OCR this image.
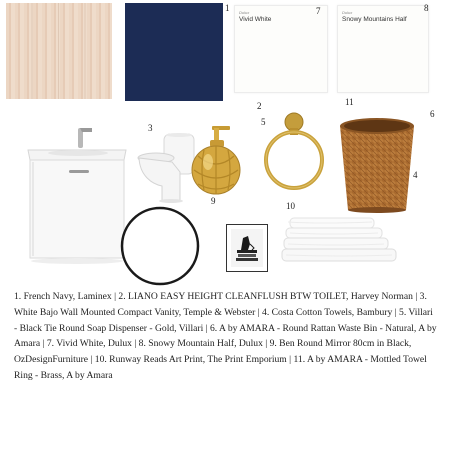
1 Dulux
Vivid White
7	Dulux
Snowy Mountains Half
8
3
9
2
5
11
6
4
10
1. French Navy, Laminex | 2. LIANO EASY HEIGHT CLEANFLUSH BTW TOILET, Harvey Norman | 3. White Bajo Wall Mounted Compact Vanity, Temple & Webster | 4. Costa Cotton Towels, Bambury | 5. Villari - Black Tie Round Soap Dispenser - Gold, Villari | 6. A by AMARA - Round Rattan Waste Bin - Natural, A by Amara | 7. Vivid White, Dulux | 8. Snowy Mountain Half, Dulux | 9. Ben Round Mirror 80cm in Black, OzDesignFurniture | 10. Runway Reads Art Print, The Print Emporium | 11. A by AMARA - Mottled Towel Ring - Brass, A by Amara
